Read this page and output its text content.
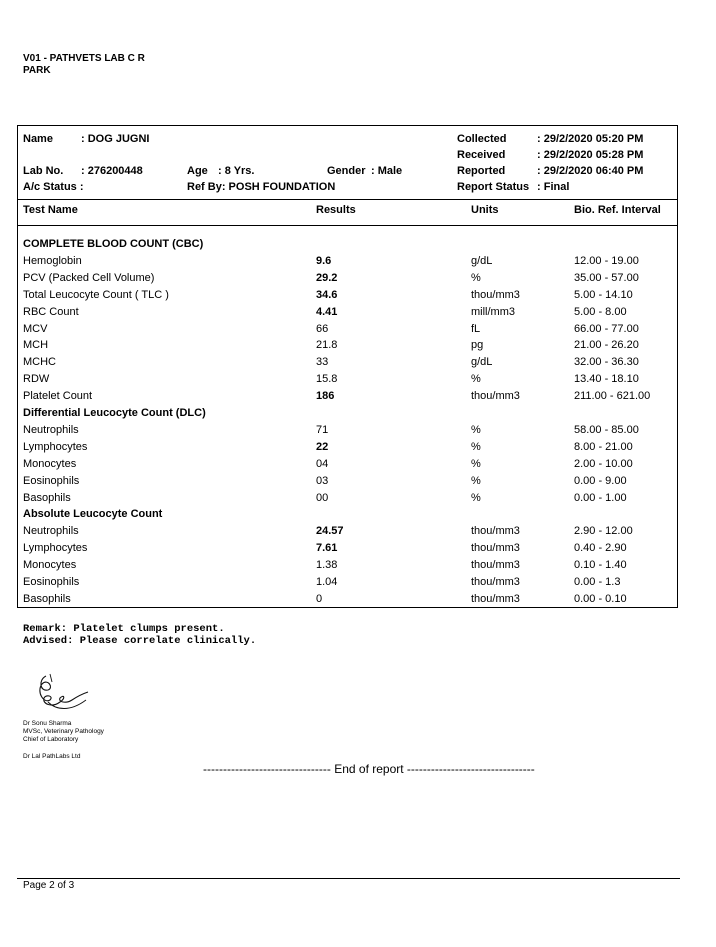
V01 - PATHVETS LAB C R
PARK
Name	: DOG JUGNI
Lab No. : 276200448	Age : 8 Yrs.	Gender : Male
A/c Status :	Ref By: POSH FOUNDATION
Collected	: 29/2/2020 05:20 PM
Received	: 29/2/2020 05:28 PM
Reported	: 29/2/2020 06:40 PM
Report Status : Final
Test Name	Results	Units	Bio. Ref. Interval
COMPLETE BLOOD COUNT (CBC)
Hemoglobin	9.6	g/dL	12.00 - 19.00
PCV (Packed Cell Volume)	29.2	%	35.00 - 57.00
Total Leucocyte Count ( TLC )	34.6	thou/mm3	5.00 - 14.10
RBC Count	4.41	mill/mm3	5.00 - 8.00
MCV	66	fL	66.00 - 77.00
MCH	21.8	pg	21.00 - 26.20
MCHC	33	g/dL	32.00 - 36.30
RDW	15.8	%	13.40 - 18.10
Platelet Count	186	thou/mm3	211.00 - 621.00
Differential Leucocyte Count (DLC)
Neutrophils	71	%	58.00 - 85.00
Lymphocytes	22	%	8.00 - 21.00
Monocytes	04	%	2.00 - 10.00
Eosinophils	03	%	0.00 - 9.00
Basophils	00	%	0.00 - 1.00
Absolute Leucocyte Count
Neutrophils	24.57	thou/mm3	2.90 - 12.00
Lymphocytes	7.61	thou/mm3	0.40 - 2.90
Monocytes	1.38	thou/mm3	0.10 - 1.40
Eosinophils	1.04	thou/mm3	0.00 - 1.3
Basophils	0	thou/mm3	0.00 - 0.10
Remark: Platelet clumps present.
Advised: Please correlate clinically.
Dr Sonu Sharma
MVSc, Veterinary Pathology
Chief of Laboratory
Dr Lal PathLabs Ltd
-------------------------------- End of report --------------------------------
Page 2 of 3
